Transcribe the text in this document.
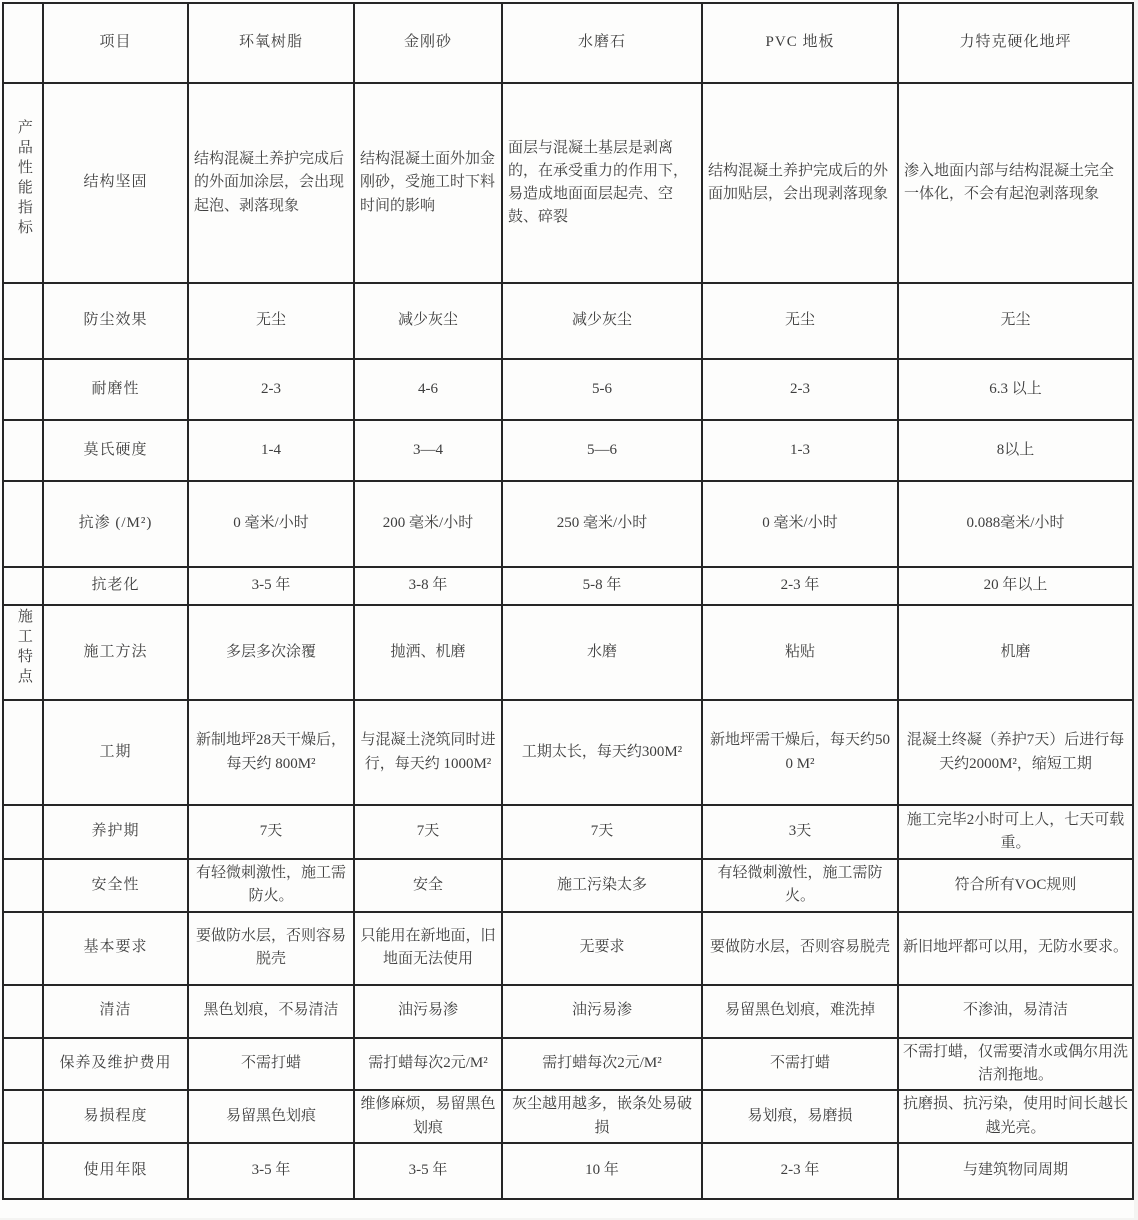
	项目	环氧树脂	金刚砂	水磨石	PVC 地板	力特克硬化地坪
产品性能指标	结构坚固	结构混凝土养护完成后的外面加涂层，会出现起泡、剥落现象	结构混凝土面外加金刚砂，受施工时下料时间的影响	面层与混凝土基层是剥离的，在承受重力的作用下，易造成地面面层起壳、空鼓、碎裂	结构混凝土养护完成后的外面加贴层，会出现剥落现象	渗入地面内部与结构混凝土完全一体化，不会有起泡剥落现象
	防尘效果	无尘	减少灰尘	减少灰尘	无尘	无尘
	耐磨性	2-3	4-6	5-6	2-3	6.3 以上
	莫氏硬度	1-4	3—4	5—6	1-3	8以上
	抗渗 (/M²)	0 毫米/小时	200 毫米/小时	250 毫米/小时	0 毫米/小时	0.088毫米/小时
	抗老化	3-5 年	3-8 年	5-8 年	2-3 年	20 年以上
施工特点	施工方法	多层多次涂覆	抛洒、机磨	水磨	粘贴	机磨
	工期	新制地坪28天干燥后，每天约 800M²	与混凝土浇筑同时进行，每天约 1000M²	工期太长，每天约300M²	新地坪需干燥后，每天约500 M²	混凝土终凝（养护7天）后进行每天约2000M²，缩短工期
	养护期	7天	7天	7天	3天	施工完毕2小时可上人，七天可载重。
	安全性	有轻微刺激性，施工需防火。	安全	施工污染太多	有轻微刺激性，施工需防火。	符合所有VOC规则
	基本要求	要做防水层，否则容易脱壳	只能用在新地面，旧地面无法使用	无要求	要做防水层，否则容易脱壳	新旧地坪都可以用，无防水要求。
	清洁	黑色划痕，不易清洁	油污易渗	油污易渗	易留黑色划痕，难洗掉	不渗油，易清洁
	保养及维护费用	不需打蜡	需打蜡每次2元/M²	需打蜡每次2元/M²	不需打蜡	不需打蜡，仅需要清水或偶尔用洗洁剂拖地。
	易损程度	易留黑色划痕	维修麻烦，易留黑色划痕	灰尘越用越多，嵌条处易破损	易划痕，易磨损	抗磨损、抗污染，使用时间长越长越光亮。
	使用年限	3-5 年	3-5 年	10 年	2-3 年	与建筑物同周期
